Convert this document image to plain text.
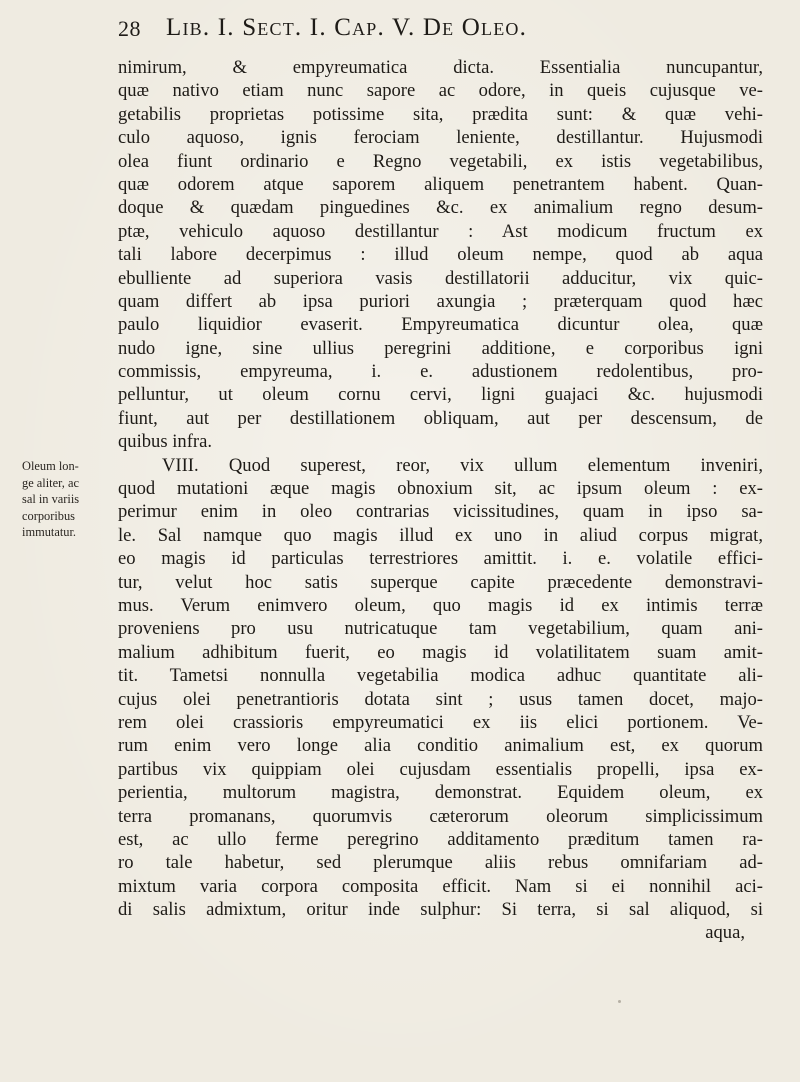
28 Lib. I. Sect. I. Cap. V. De Oleo.
Oleum lon-
ge aliter, ac
sal in variis
corporibus
immutatur.
nimirum, & empyreumatica dicta. Essentialia nuncupantur,
quæ nativo etiam nunc sapore ac odore, in queis cujusque ve-
getabilis proprietas potissime sita, prædita sunt: & quæ vehi-
culo aquoso, ignis ferociam leniente, destillantur. Hujusmodi
olea fiunt ordinario e Regno vegetabili, ex istis vegetabilibus,
quæ odorem atque saporem aliquem penetrantem habent. Quan-
doque & quædam pinguedines &c. ex animalium regno desum-
ptæ, vehiculo aquoso destillantur : Ast modicum fructum ex
tali labore decerpimus : illud oleum nempe, quod ab aqua
ebulliente ad superiora vasis destillatorii adducitur, vix quic-
quam differt ab ipsa puriori axungia ; præterquam quod hæc
paulo liquidior evaserit. Empyreumatica dicuntur olea, quæ
nudo igne, sine ullius peregrini additione, e corporibus igni
commissis, empyreuma, i. e. adustionem redolentibus, pro-
pelluntur, ut oleum cornu cervi, ligni guajaci &c. hujusmodi
fiunt, aut per destillationem obliquam, aut per descensum, de
quibus infra.
VIII. Quod superest, reor, vix ullum elementum inveniri,
quod mutationi æque magis obnoxium sit, ac ipsum oleum : ex-
perimur enim in oleo contrarias vicissitudines, quam in ipso sa-
le. Sal namque quo magis illud ex uno in aliud corpus migrat,
eo magis id particulas terrestriores amittit. i. e. volatile effici-
tur, velut hoc satis superque capite præcedente demonstravi-
mus. Verum enimvero oleum, quo magis id ex intimis terræ
proveniens pro usu nutricatuque tam vegetabilium, quam ani-
malium adhibitum fuerit, eo magis id volatilitatem suam amit-
tit. Tametsi nonnulla vegetabilia modica adhuc quantitate ali-
cujus olei penetrantioris dotata sint ; usus tamen docet, majo-
rem olei crassioris empyreumatici ex iis elici portionem. Ve-
rum enim vero longe alia conditio animalium est, ex quorum
partibus vix quippiam olei cujusdam essentialis propelli, ipsa ex-
perientia, multorum magistra, demonstrat. Equidem oleum, ex
terra promanans, quorumvis cæterorum oleorum simplicissimum
est, ac ullo ferme peregrino additamento præditum tamen ra-
ro tale habetur, sed plerumque aliis rebus omnifariam ad-
mixtum varia corpora composita efficit. Nam si ei nonnihil aci-
di salis admixtum, oritur inde sulphur: Si terra, si sal aliquod, si
aqua,
